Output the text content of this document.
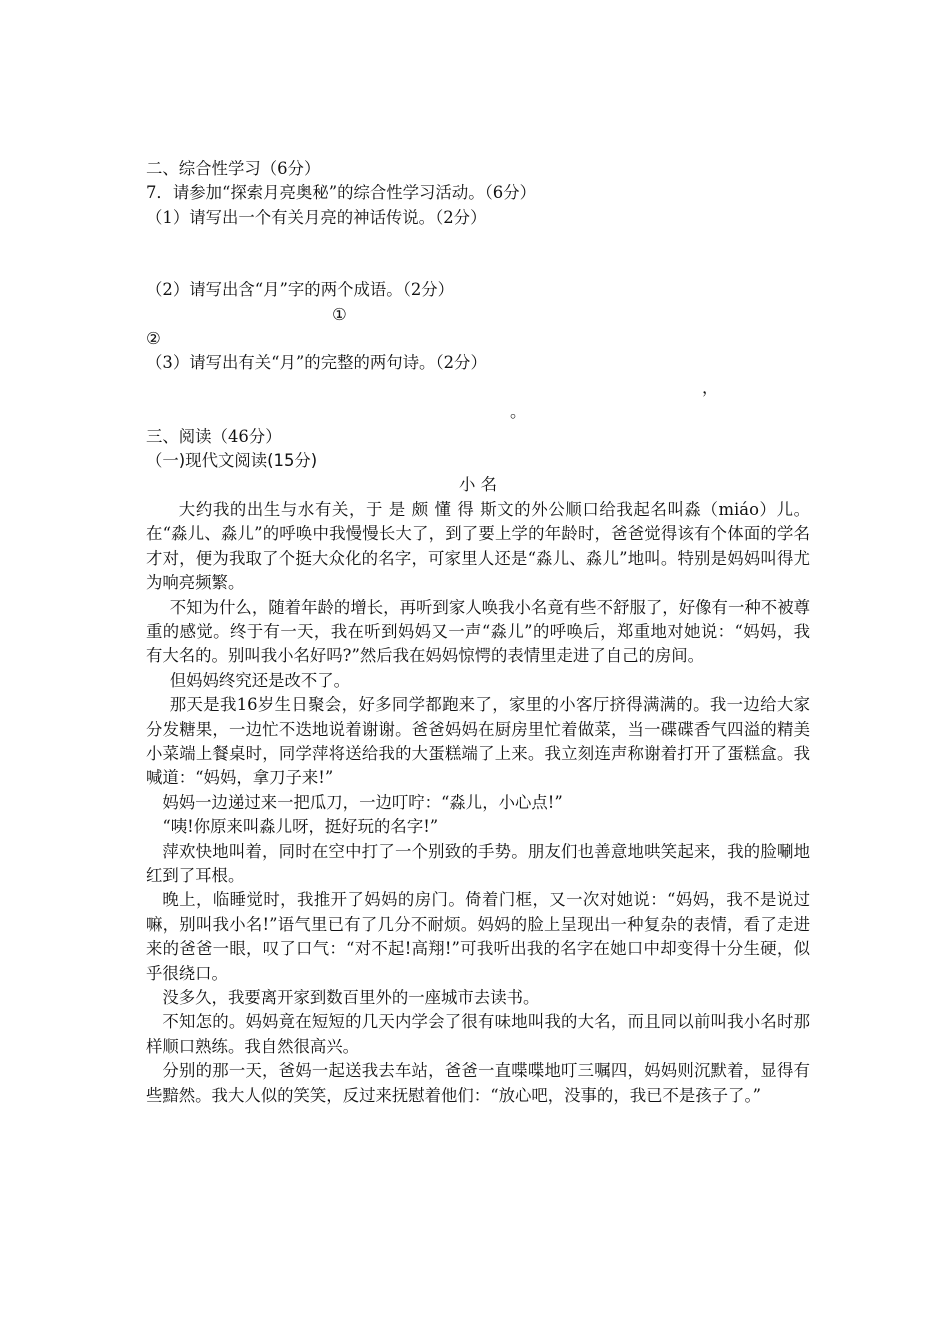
二、综合性学习（6分）
7．请参加“探索月亮奥秘”的综合性学习活动。（6分）
（1）请写出一个有关月亮的神话传说。（2分）
（2）请写出含“月”字的两个成语。（2分）
①
②
（3）请写出有关“月”的完整的两句诗。（2分）
，
。
三、阅读（46分）
（一)现代文阅读(15分)
小 名

大约我的出生与水有关，于 是 颇 懂 得 斯文的外公顺口给我起名叫淼（miáo）儿。在“淼儿、淼儿”的呼唤中我慢慢长大了，到了要上学的年龄时，爸爸觉得该有个体面的学名才对，便为我取了个挺大众化的名字，可家里人还是“淼儿、淼儿”地叫。特别是妈妈叫得尤为响亮频繁。

不知为什么，随着年龄的增长，再听到家人唤我小名竟有些不舒服了，好像有一种不被尊重的感觉。终于有一天，我在听到妈妈又一声“淼儿”的呼唤后，郑重地对她说：“妈妈，我有大名的。别叫我小名好吗?”然后我在妈妈惊愕的表情里走进了自己的房间。

但妈妈终究还是改不了。

那天是我16岁生日聚会，好多同学都跑来了，家里的小客厅挤得满满的。我一边给大家分发糖果，一边忙不迭地说着谢谢。爸爸妈妈在厨房里忙着做菜，当一碟碟香气四溢的精美小菜端上餐桌时，同学萍将送给我的大蛋糕端了上来。我立刻连声称谢着打开了蛋糕盒。我喊道：“妈妈，拿刀子来!”

妈妈一边递过来一把瓜刀，一边叮咛：“淼儿，小心点!”

“咦!你原来叫淼儿呀，挺好玩的名字!”

萍欢快地叫着，同时在空中打了一个别致的手势。朋友们也善意地哄笑起来，我的脸唰地红到了耳根。

晚上，临睡觉时，我推开了妈妈的房门。倚着门框，又一次对她说：“妈妈，我不是说过嘛，别叫我小名!”语气里已有了几分不耐烦。妈妈的脸上呈现出一种复杂的表情，看了走进来的爸爸一眼，叹了口气：“对不起!高翔!”可我听出我的名字在她口中却变得十分生硬，似乎很绕口。

没多久，我要离开家到数百里外的一座城市去读书。

不知怎的。妈妈竟在短短的几天内学会了很有味地叫我的大名，而且同以前叫我小名时那样顺口熟练。我自然很高兴。

分别的那一天，爸妈一起送我去车站，爸爸一直喋喋地叮三嘱四，妈妈则沉默着，显得有些黯然。我大人似的笑笑，反过来抚慰着他们：“放心吧，没事的，我已不是孩子了。”
